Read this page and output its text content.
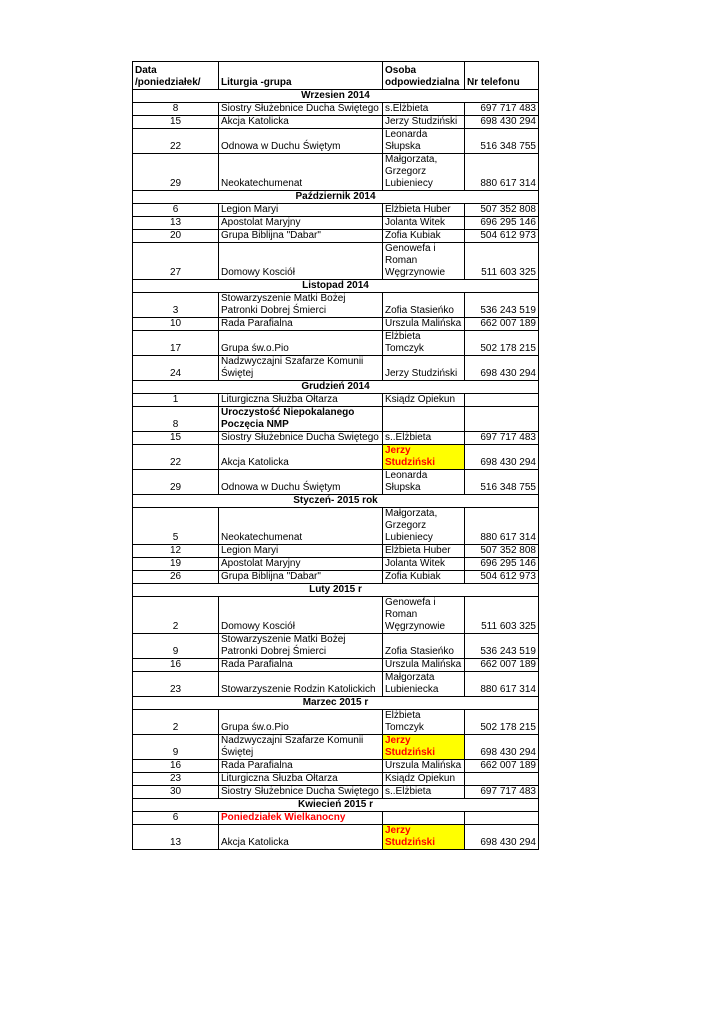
Data /poniedziałek/	Liturgia -grupa	Osoba odpowiedzialna	Nr telefonu
Wrzesien 2014			
8	Siostry Służebnice Ducha Świętego	s.Elżbieta	697 717 483
15	Akcja Katolicka	Jerzy Studziński	698 430 294
22	Odnowa w Duchu Świętym	Leonarda Słupska	516 348 755
29	Neokatechumenat	Małgorzata, Grzegorz Lubieniecy	880 617 314
Październik 2014			
6	Legion Maryi	Elżbieta Huber	507 352 808
13	Apostolat Maryjny	Jolanta Witek	696 295 146
20	Grupa Biblijna "Dabar"	Zofia Kubiak	504 612 973
27	Domowy Kosciół	Genowefa i Roman Węgrzynowie	511 603 325
Listopad 2014			
3	Stowarzyszenie Matki Bożej Patronki Dobrej Śmierci	Zofia Stasieńko	536 243 519
10	Rada Parafialna	Urszula Malińska	662 007 189
17	Grupa św.o.Pio	Elżbieta Tomczyk	502 178 215
24	Nadzwyczajni Szafarze Komunii Świętej	Jerzy Studziński	698 430 294
Grudzień 2014			
1	Liturgiczna Służba Ołtarza	Ksiądz Opiekun	
8	Uroczystość Niepokalanego Poczęcia NMP		
15	Siostry Służebnice Ducha Świętego	s..Elżbieta	697 717 483
22	Akcja Katolicka	Jerzy Studziński	698 430 294
29	Odnowa w Duchu Świętym	Leonarda Słupska	516 348 755
Styczeń- 2015 rok			
5	Neokatechumenat	Małgorzata, Grzegorz Lubieniecy	880 617 314
12	Legion Maryi	Elżbieta Huber	507 352 808
19	Apostolat Maryjny	Jolanta Witek	696 295 146
26	Grupa Biblijna "Dabar"	Zofia Kubiak	504 612 973
Luty 2015 r			
2	Domowy Kosciół	Genowefa i Roman Węgrzynowie	511 603 325
9	Stowarzyszenie Matki Bożej Patronki Dobrej Śmierci	Zofia Stasieńko	536 243 519
16	Rada Parafialna	Urszula Malińska	662 007 189
23	Stowarzyszenie Rodzin Katolickich	Małgorzata Lubieniecka	880 617 314
Marzec 2015 r			
2	Grupa św.o.Pio	Elżbieta Tomczyk	502 178 215
9	Nadzwyczajni Szafarze Komunii Świętej	Jerzy Studziński	698 430 294
16	Rada Parafialna	Urszula Malińska	662 007 189
23	Liturgiczna Słuzba Ołtarza	Ksiądz Opiekun	
30	Siostry Służebnice Ducha Świętego	s..Elżbieta	697 717 483
Kwiecień 2015 r			
6	Poniedziałek Wielkanocny		
13	Akcja Katolicka	Jerzy Studziński	698 430 294
